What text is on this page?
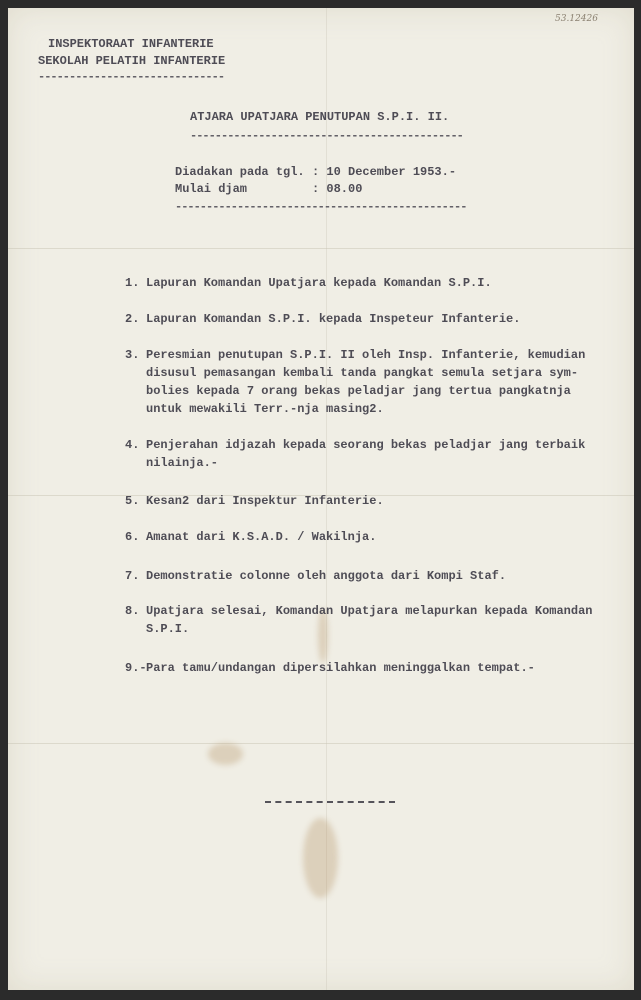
53.12426
INSPEKTORAAT INFANTERIE
SEKOLAH PELATIH INFANTERIE
------------------------------
ATJARA UPATJARA PENUTUPAN S.P.I. II.
--------------------------------------------
Diadakan pada tgl. : 10 December 1953.-
Mulai djam	: 08.00
-----------------------------------------------
1. Lapuran Komandan Upatjara kepada Komandan S.P.I.
2. Lapuran Komandan S.P.I. kepada Inspeteur Infanterie.
3. Peresmian penutupan S.P.I. II oleh Insp. Infanterie, kemudian
disusul pemasangan kembali tanda pangkat semula setjara sym-
bolies kepada 7 orang bekas peladjar jang tertua pangkatnja
untuk mewakili Terr.-nja masing2.
4. Penjerahan idjazah kepada seorang bekas peladjar jang terbaik
nilainja.-
5. Kesan2 dari Inspektur Infanterie.
6. Amanat dari K.S.A.D. / Wakilnja.
7. Demonstratie colonne oleh anggota dari Kompi Staf.
8. Upatjara selesai, Komandan Upatjara melapurkan kepada Komandan
S.P.I.
9.- Para tamu/undangan dipersilahkan meninggalkan tempat.-
